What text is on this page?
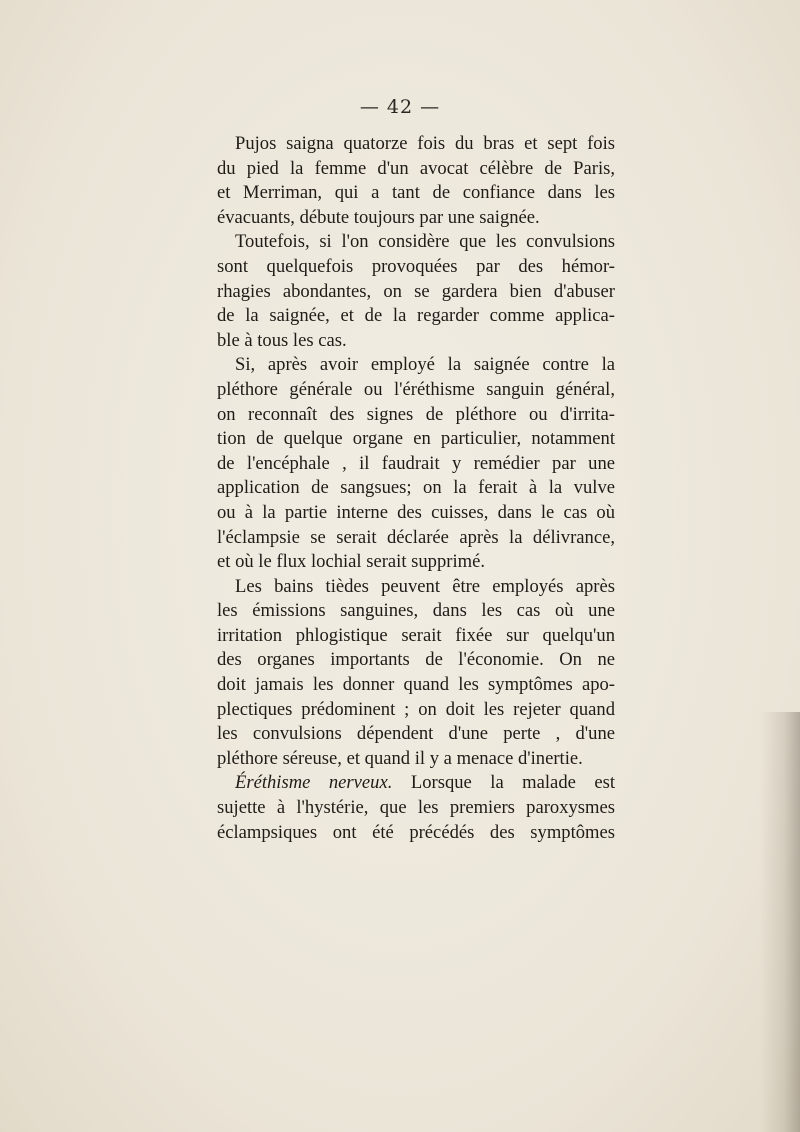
— 42 —
Pujos saigna quatorze fois du bras et sept fois
du pied la femme d'un avocat célèbre de Paris,
et Merriman, qui a tant de confiance dans les
évacuants, débute toujours par une saignée.
Toutefois, si l'on considère que les convulsions
sont quelquefois provoquées par des hémor-
rhagies abondantes, on se gardera bien d'abuser
de la saignée, et de la regarder comme applica-
ble à tous les cas.
Si, après avoir employé la saignée contre la
pléthore générale ou l'éréthisme sanguin général,
on reconnaît des signes de pléthore ou d'irrita-
tion de quelque organe en particulier, notamment
de l'encéphale , il faudrait y remédier par une
application de sangsues; on la ferait à la vulve
ou à la partie interne des cuisses, dans le cas où
l'éclampsie se serait déclarée après la délivrance,
et où le flux lochial serait supprimé.
Les bains tièdes peuvent être employés après
les émissions sanguines, dans les cas où une
irritation phlogistique serait fixée sur quelqu'un
des organes importants de l'économie. On ne
doit jamais les donner quand les symptômes apo-
plectiques prédominent ; on doit les rejeter quand
les convulsions dépendent d'une perte , d'une
pléthore séreuse, et quand il y a menace d'inertie.
Éréthisme nerveux. Lorsque la malade est
sujette à l'hystérie, que les premiers paroxysmes
éclampsiques ont été précédés des symptômes
